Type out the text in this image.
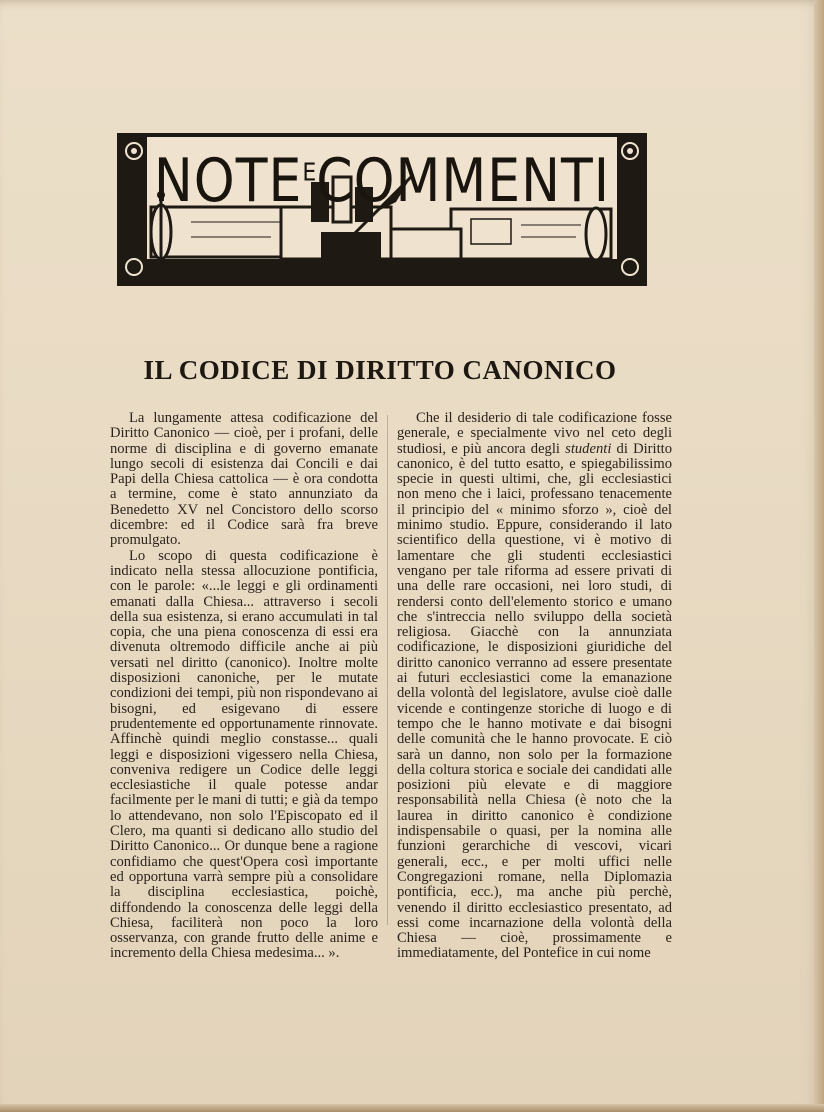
$NOTE^ECOMMENTI$
IL CODICE DI DIRITTO CANONICO

La lungamente attesa codificazione del Diritto Canonico — cioè, per i profani, delle norme di disciplina e di governo emanate lungo secoli di esistenza dai Concili e dai Papi della Chiesa cattolica — è ora condotta a termine, come è stato annunziato da Benedetto XV nel Concistoro dello scorso dicembre: ed il Codice sarà fra breve promulgato.

Lo scopo di questa codificazione è indicato nella stessa allocuzione pontificia, con le parole: «...le leggi e gli ordinamenti emanati dalla Chiesa... attraverso i secoli della sua esistenza, si erano accumulati in tal copia, che una piena conoscenza di essi era divenuta oltremodo difficile anche ai più versati nel diritto (canonico). Inoltre molte disposizioni canoniche, per le mutate condizioni dei tempi, più non rispondevano ai bisogni, ed esigevano di essere prudentemente ed opportunamente rinnovate. Affinchè quindi meglio constasse... quali leggi e disposizioni vigessero nella Chiesa, conveniva redigere un Codice delle leggi ecclesiastiche il quale potesse andar facilmente per le mani di tutti; e già da tempo lo attendevano, non solo l'Episcopato ed il Clero, ma quanti si dedicano allo studio del Diritto Canonico... Or dunque bene a ragione confidiamo che quest'Opera così importante ed opportuna varrà sempre più a consolidare la disciplina ecclesiastica, poichè, diffondendo la conoscenza delle leggi della Chiesa, faciliterà non poco la loro osservanza, con grande frutto delle anime e incremento della Chiesa medesima... ».

Che il desiderio di tale codificazione fosse generale, e specialmente vivo nel ceto degli studiosi, e più ancora degli studenti di Diritto canonico, è del tutto esatto, e spiegabilissimo specie in questi ultimi, che, gli ecclesiastici non meno che i laici, professano tenacemente il principio del « minimo sforzo », cioè del minimo studio. Eppure, considerando il lato scientifico della questione, vi è motivo di lamentare che gli studenti ecclesiastici vengano per tale riforma ad essere privati di una delle rare occasioni, nei loro studi, di rendersi conto dell'elemento storico e umano che s'intreccia nello sviluppo della società religiosa. Giacchè con la annunziata codificazione, le disposizioni giuridiche del diritto canonico verranno ad essere presentate ai futuri ecclesiastici come la emanazione della volontà del legislatore, avulse cioè dalle vicende e contingenze storiche di luogo e di tempo che le hanno motivate e dai bisogni delle comunità che le hanno provocate. E ciò sarà un danno, non solo per la formazione della coltura storica e sociale dei candidati alle posizioni più elevate e di maggiore responsabilità nella Chiesa (è noto che la laurea in diritto canonico è condizione indispensabile o quasi, per la nomina alle funzioni gerarchiche di vescovi, vicari generali, ecc., e per molti uffici nelle Congregazioni romane, nella Diplomazia pontificia, ecc.), ma anche più perchè, venendo il diritto ecclesiastico presentato, ad essi come incarnazione della volontà della Chiesa — cioè, prossimamente e immediatamente, del Pontefice in cui nome
